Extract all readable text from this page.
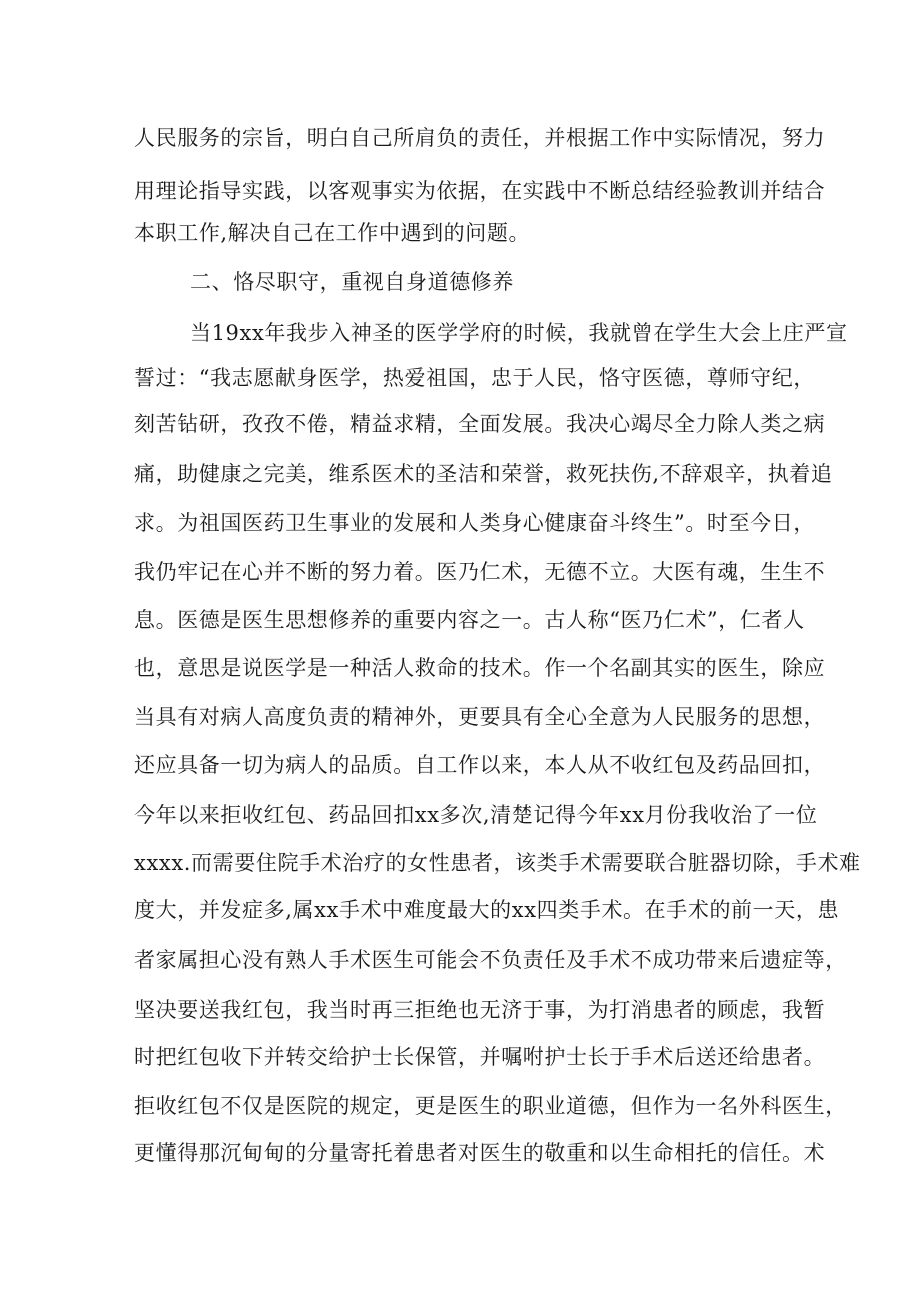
人民服务的宗旨，明白自己所肩负的责任，并根据工作中实际情况，努力
用理论指导实践，以客观事实为依据，在实践中不断总结经验教训并结合
本职工作,解决自己在工作中遇到的问题。
二、恪尽职守，重视自身道德修养
当19xx年我步入神圣的医学学府的时候，我就曾在学生大会上庄严宣
誓过：“我志愿献身医学，热爱祖国，忠于人民，恪守医德，尊师守纪，
刻苦钻研，孜孜不倦，精益求精，全面发展。我决心竭尽全力除人类之病
痛，助健康之完美，维系医术的圣洁和荣誉，救死扶伤,不辞艰辛，执着追
求。为祖国医药卫生事业的发展和人类身心健康奋斗终生”。时至今日，
我仍牢记在心并不断的努力着。医乃仁术，无德不立。大医有魂，生生不
息。医德是医生思想修养的重要内容之一。古人称“医乃仁术”，仁者人
也，意思是说医学是一种活人救命的技术。作一个名副其实的医生，除应
当具有对病人高度负责的精神外，更要具有全心全意为人民服务的思想，
还应具备一切为病人的品质。自工作以来，本人从不收红包及药品回扣，
今年以来拒收红包、药品回扣xx多次,清楚记得今年xx月份我收治了一位
xxxx.而需要住院手术治疗的女性患者，该类手术需要联合脏器切除，手术难
度大，并发症多,属xx手术中难度最大的xx四类手术。在手术的前一天，患
者家属担心没有熟人手术医生可能会不负责任及手术不成功带来后遗症等，
坚决要送我红包，我当时再三拒绝也无济于事，为打消患者的顾虑，我暂
时把红包收下并转交给护士长保管，并嘱咐护士长于手术后送还给患者。
拒收红包不仅是医院的规定，更是医生的职业道德，但作为一名外科医生，
更懂得那沉甸甸的分量寄托着患者对医生的敬重和以生命相托的信任。术
